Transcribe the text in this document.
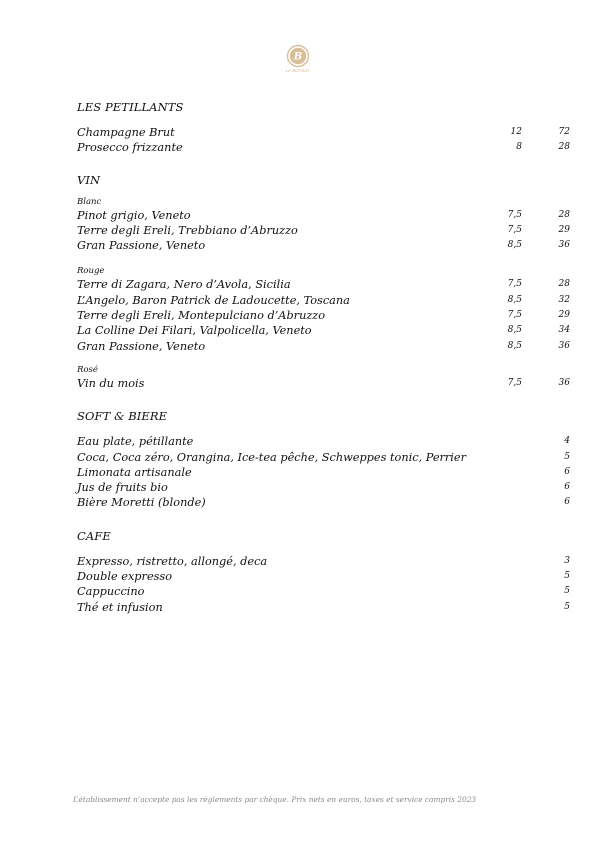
B
LE BISTROT
LES PETILLANTS
Champagne Brut	12	72
Prosecco frizzante	8	28
VIN
Blanc
Pinot grigio, Veneto	7,5	28
Terre degli Ereli, Trebbiano d’Abruzzo	7,5	29
Gran Passione, Veneto	8,5	36
Rouge
Terre di Zagara, Nero d’Avola, Sicilia	7,5	28
L’Angelo, Baron Patrick de Ladoucette, Toscana	8,5	32
Terre degli Ereli, Montepulciano d’Abruzzo	7,5	29
La Colline Dei Filari, Valpolicella, Veneto	8,5	34
Gran Passione, Veneto	8,5	36
Rosé
Vin du mois	7,5	36
SOFT & BIERE
Eau plate, pétillante	4
Coca, Coca zéro, Orangina, Ice-tea pêche, Schweppes tonic, Perrier	5
Limonata artisanale	6
Jus de fruits bio	6
Bière Moretti (blonde)	6
CAFE
Expresso, ristretto, allongé, deca	3
Double expresso	5
Cappuccino	5
Thé et infusion	5
L’établissement n’accepte pas les règlements par chèque. Prix nets en euros, taxes et service compris 2023
